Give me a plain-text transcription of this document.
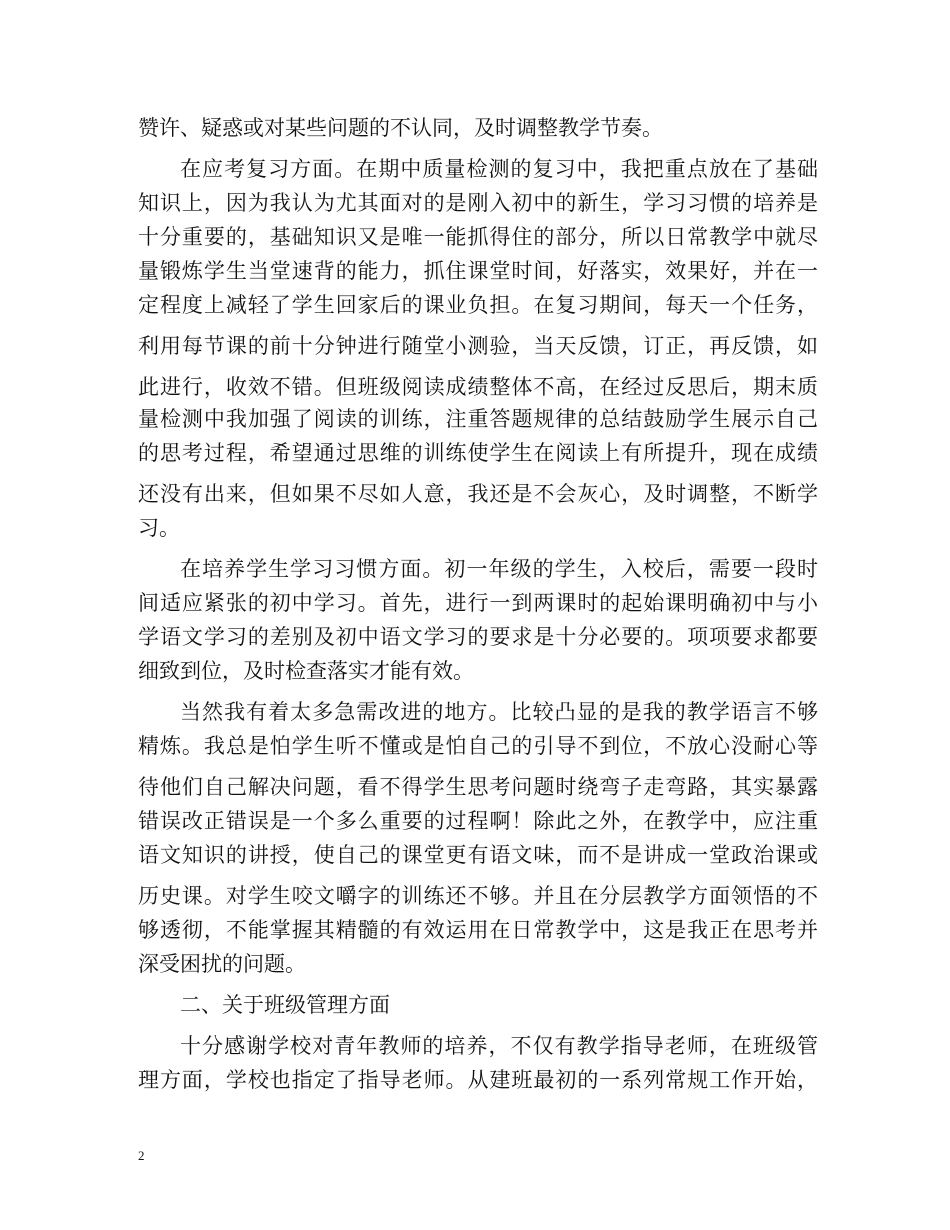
赞许、疑惑或对某些问题的不认同，及时调整教学节奏。
在应考复习方面。在期中质量检测的复习中，我把重点放在了基础
知识上，因为我认为尤其面对的是刚入初中的新生，学习习惯的培养是
十分重要的，基础知识又是唯一能抓得住的部分，所以日常教学中就尽
量锻炼学生当堂速背的能力，抓住课堂时间，好落实，效果好，并在一
定程度上减轻了学生回家后的课业负担。在复习期间，每天一个任务，
利用每节课的前十分钟进行随堂小测验，当天反馈，订正，再反馈，如
此进行，收效不错。但班级阅读成绩整体不高，在经过反思后，期末质
量检测中我加强了阅读的训练，注重答题规律的总结鼓励学生展示自己
的思考过程，希望通过思维的训练使学生在阅读上有所提升，现在成绩
还没有出来，但如果不尽如人意，我还是不会灰心，及时调整，不断学
习。
在培养学生学习习惯方面。初一年级的学生，入校后，需要一段时
间适应紧张的初中学习。首先，进行一到两课时的起始课明确初中与小
学语文学习的差别及初中语文学习的要求是十分必要的。项项要求都要
细致到位，及时检查落实才能有效。
当然我有着太多急需改进的地方。比较凸显的是我的教学语言不够
精炼。我总是怕学生听不懂或是怕自己的引导不到位，不放心没耐心等
待他们自己解决问题，看不得学生思考问题时绕弯子走弯路，其实暴露
错误改正错误是一个多么重要的过程啊！除此之外，在教学中，应注重
语文知识的讲授，使自己的课堂更有语文味，而不是讲成一堂政治课或
历史课。对学生咬文嚼字的训练还不够。并且在分层教学方面领悟的不
够透彻，不能掌握其精髓的有效运用在日常教学中，这是我正在思考并
深受困扰的问题。
二、关于班级管理方面
十分感谢学校对青年教师的培养，不仅有教学指导老师，在班级管
理方面，学校也指定了指导老师。从建班最初的一系列常规工作开始，
2
